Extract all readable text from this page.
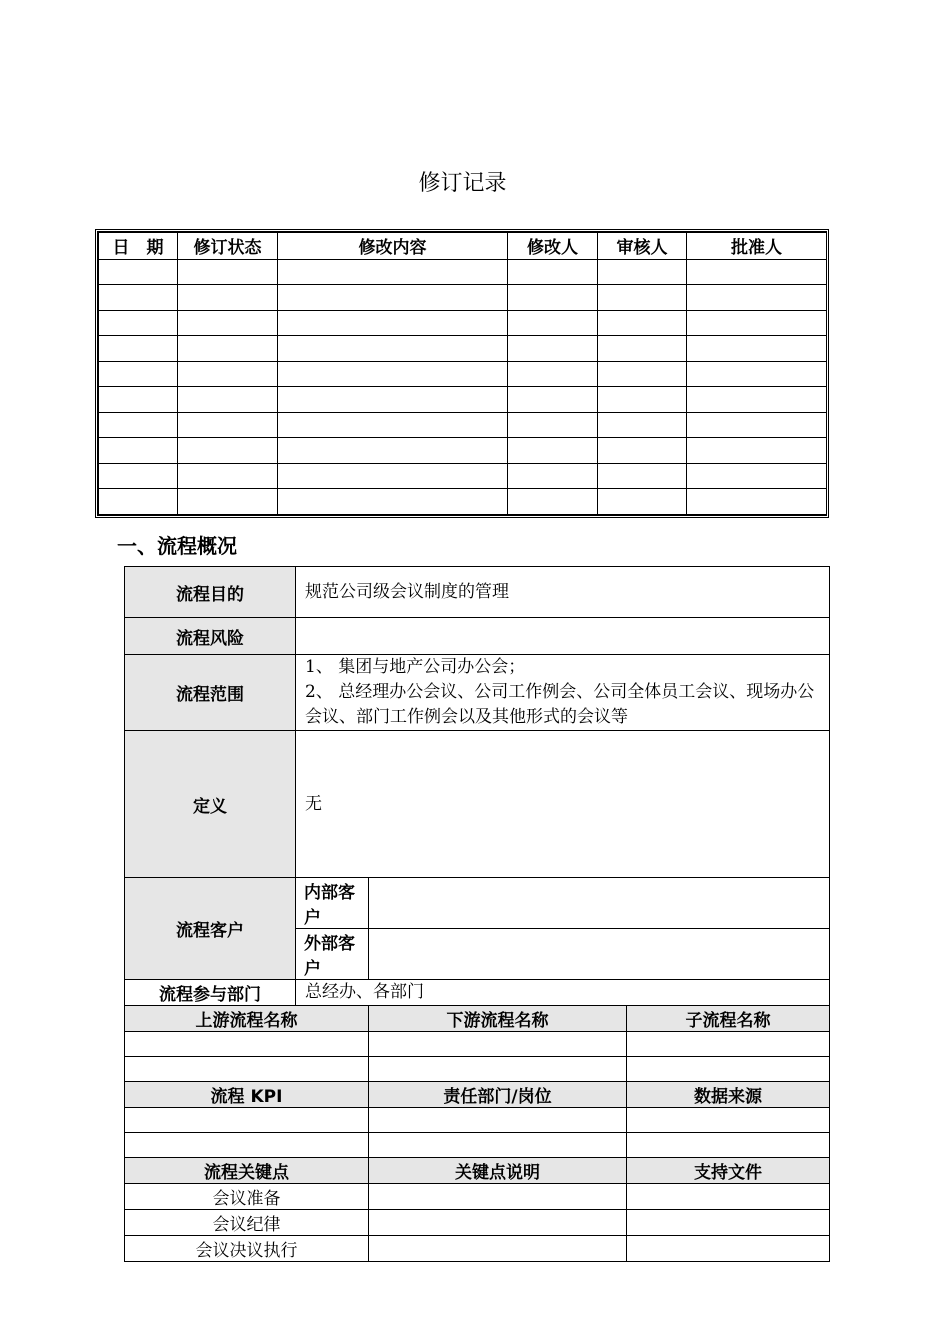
修订记录
日　期	修订状态	修改内容	修改人	审核人	批准人

一、流程概况
流程目的	规范公司级会议制度的管理		
流程风险			
流程范围	1、 集团与地产公司办公会；
2、 总经理办公会议、公司工作例会、公司全体员工会议、现场办公会议、部门工作例会以及其他形式的会议等		

定义	无		
流程客户	内部客户		
	外部客户		
流程参与部门	总经办、各部门		
上游流程名称		下游流程名称	子流程名称

流程 KPI		责任部门/岗位	数据来源

流程关键点		关键点说明	支持文件
会议准备			
会议纪律			
会议决议执行			
